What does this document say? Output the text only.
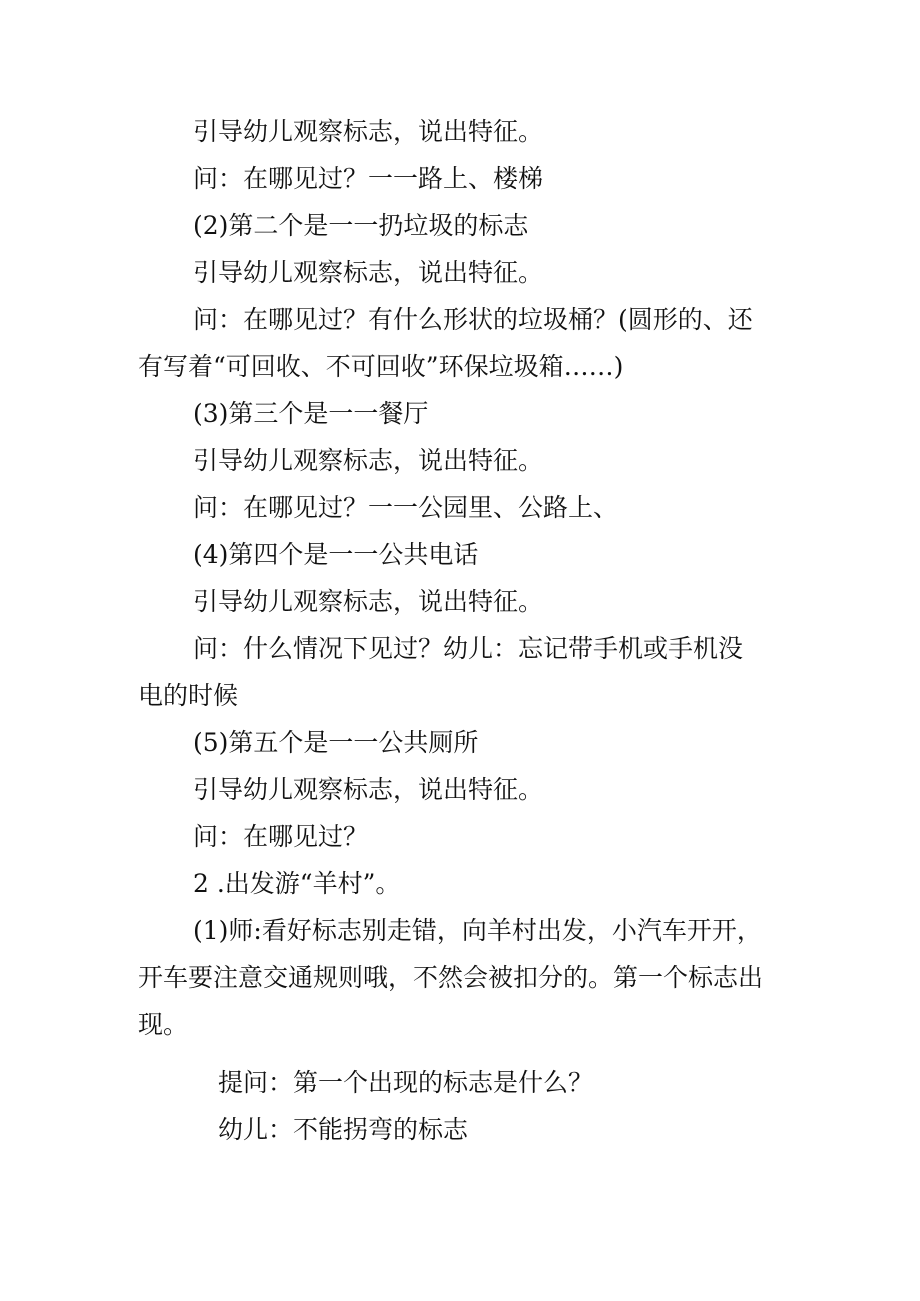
引导幼儿观察标志，说出特征。
问：在哪见过？一一路上、楼梯
(2)第二个是一一扔垃圾的标志
引导幼儿观察标志，说出特征。
问：在哪见过？有什么形状的垃圾桶？(圆形的、还
有写着“可回收、不可回收”环保垃圾箱……)
(3)第三个是一一餐厅
引导幼儿观察标志，说出特征。
问：在哪见过？一一公园里、公路上、
(4)第四个是一一公共电话
引导幼儿观察标志，说出特征。
问：什么情况下见过？幼儿：忘记带手机或手机没
电的时候
(5)第五个是一一公共厕所
引导幼儿观察标志，说出特征。
问：在哪见过？
2 .出发游“羊村”。
(1)师:看好标志别走错，向羊村出发，小汽车开开，
开车要注意交通规则哦，不然会被扣分的。第一个标志出
现。
提问：第一个出现的标志是什么？
幼儿：不能拐弯的标志
